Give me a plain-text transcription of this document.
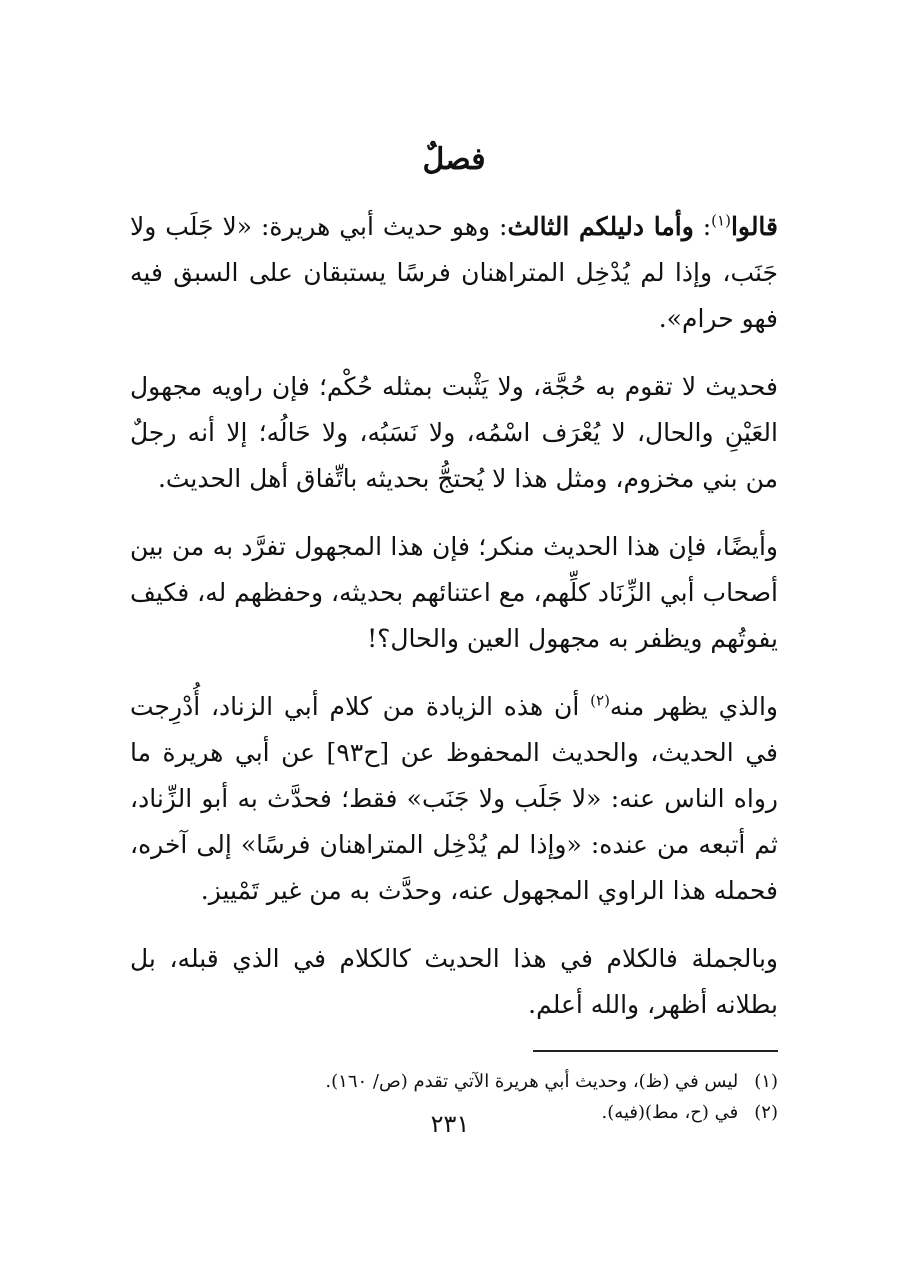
فصلٌ

قالوا$^{(١)}$: وأما دليلكم الثالث: وهو حديث أبي هريرة: «لا جَلَب ولا جَنَب، وإذا لم يُدْخِل المتراهنان فرسًا يستبقان على السبق فيه فهو حرام».

فحديث لا تقوم به حُجَّة، ولا يَثْبت بمثله حُكْم؛ فإن راويه مجهول العَيْنِ والحال، لا يُعْرَف اسْمُه، ولا نَسَبُه، ولا حَالُه؛ إلا أنه رجلٌ من بني مخزوم، ومثل هذا لا يُحتجُّ بحديثه باتِّفاق أهل الحديث.

وأيضًا، فإن هذا الحديث منكر؛ فإن هذا المجهول تفرَّد به من بين أصحاب أبي الزِّنَاد كلِّهم، مع اعتنائهم بحديثه، وحفظهم له، فكيف يفوتُهم ويظفر به مجهول العين والحال؟!

والذي يظهر منه$^{(٢)}$ أن هذه الزيادة من كلام أبي الزناد، أُدْرِجت في الحديث، والحديث المحفوظ عن [ح٩٣] عن أبي هريرة ما رواه الناس عنه: «لا جَلَب ولا جَنَب» فقط؛ فحدَّث به أبو الزِّناد، ثم أتبعه من عنده: «وإذا لم يُدْخِل المتراهنان فرسًا» إلى آخره، فحمله هذا الراوي المجهول عنه، وحدَّث به من غير تَمْييز.

وبالجملة فالكلام في هذا الحديث كالكلام في الذي قبله، بل بطلانه أظهر، والله أعلم.

(١) ليس في (ظ)، وحديث أبي هريرة الآتي تقدم (ص/ ١٦٠).
(٢) في (ح، مط)(فيه).
٢٣١
